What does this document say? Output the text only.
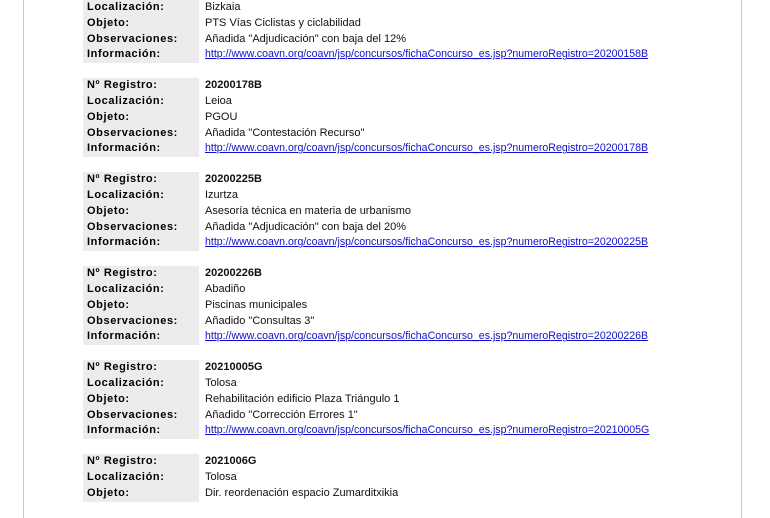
Localización:	Bizkaia
Objeto:	PTS Vías Ciclistas y ciclabilidad
Observaciones:	Añadida "Adjudicación" con baja del 12%
Información:	http://www.coavn.org/coavn/jsp/concursos/fichaConcurso_es.jsp?numeroRegistro=20200158B
Nº Registro:	20200178B
Localización:	Leioa
Objeto:	PGOU
Observaciones:	Añadida "Contestación Recurso"
Información:	http://www.coavn.org/coavn/jsp/concursos/fichaConcurso_es.jsp?numeroRegistro=20200178B
Nº Registro:	20200225B
Localización:	Izurtza
Objeto:	Asesoría técnica en materia de urbanismo
Observaciones:	Añadida "Adjudicación" con baja del 20%
Información:	http://www.coavn.org/coavn/jsp/concursos/fichaConcurso_es.jsp?numeroRegistro=20200225B
Nº Registro:	20200226B
Localización:	Abadiño
Objeto:	Piscinas municipales
Observaciones:	Añadido "Consultas 3"
Información:	http://www.coavn.org/coavn/jsp/concursos/fichaConcurso_es.jsp?numeroRegistro=20200226B
Nº Registro:	20210005G
Localización:	Tolosa
Objeto:	Rehabilitación edificio Plaza Triángulo 1
Observaciones:	Añadido "Corrección Errores 1"
Información:	http://www.coavn.org/coavn/jsp/concursos/fichaConcurso_es.jsp?numeroRegistro=20210005G
Nº Registro:	2021006G
Localización:	Tolosa
Objeto:	Dir. reordenación espacio Zumarditxikia
